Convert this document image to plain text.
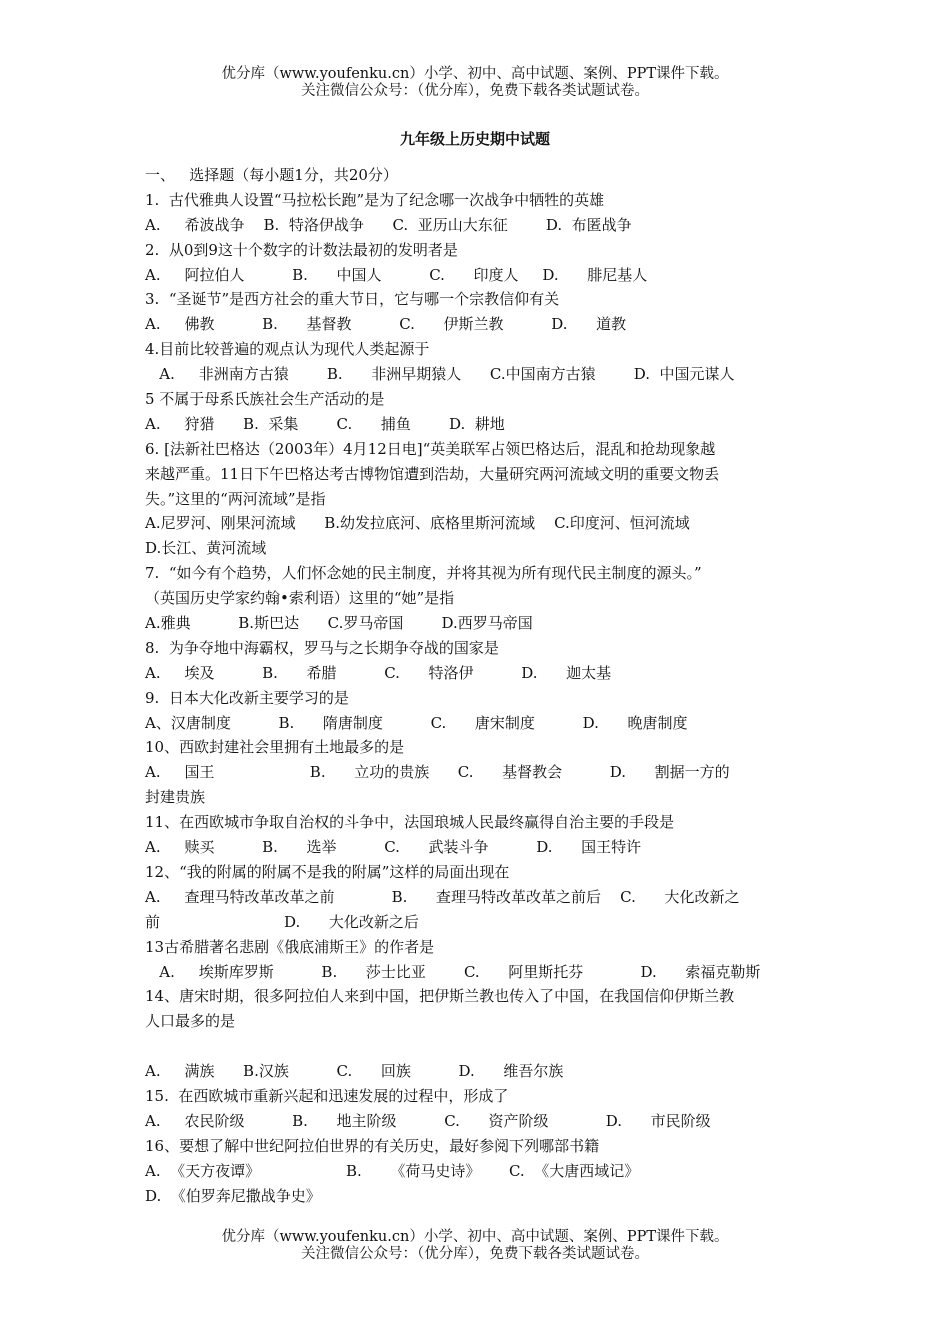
优分库（www.youfenku.cn）小学、初中、高中试题、案例、PPT课件下载。
关注微信公众号：（优分库），免费下载各类试题试卷。
九年级上历史期中试题
一、   选择题（每小题1分，共20分）
1.  古代雅典人设置“马拉松长跑”是为了纪念哪一次战争中牺牲的英雄
A.     希波战争    B.  特洛伊战争      C.  亚历山大东征        D.  布匿战争
2.  从0到9这十个数字的计数法最初的发明者是
A.     阿拉伯人          B.      中国人          C.      印度人     D.      腓尼基人
3.  “圣诞节”是西方社会的重大节日，它与哪一个宗教信仰有关
A.     佛教          B.      基督教          C.      伊斯兰教          D.      道教
4.目前比较普遍的观点认为现代人类起源于
A.     非洲南方古猿        B.      非洲早期猿人      C.中国南方古猿        D.  中国元谋人
5 不属于母系氏族社会生产活动的是
A.     狩猎      B.  采集        C.      捕鱼        D.  耕地
6. [法新社巴格达（2003年）4月12日电]“英美联军占领巴格达后，混乱和抢劫现象越
来越严重。11日下午巴格达考古博物馆遭到浩劫，大量研究两河流域文明的重要文物丢
失。”这里的“两河流域”是指
A.尼罗河、刚果河流域      B.幼发拉底河、底格里斯河流域    C.印度河、恒河流域
D.长江、黄河流域
7.  “如今有个趋势，人们怀念她的民主制度，并将其视为所有现代民主制度的源头。”
（英国历史学家约翰•索利语）这里的“她”是指
A.雅典          B.斯巴达      C.罗马帝国        D.西罗马帝国
8.  为争夺地中海霸权，罗马与之长期争夺战的国家是
A.     埃及          B.      希腊          C.      特洛伊          D.      迦太基
9.  日本大化改新主要学习的是
A、汉唐制度          B.      隋唐制度          C.      唐宋制度          D.      晚唐制度
10、西欧封建社会里拥有土地最多的是
A.     国王                    B.      立功的贵族      C.      基督教会          D.      割据一方的
封建贵族
11、在西欧城市争取自治权的斗争中，法国琅城人民最终赢得自治主要的手段是
A.     赎买          B.      选举          C.      武装斗争          D.      国王特许
12、“我的附属的附属不是我的附属”这样的局面出现在
A.     查理马特改革改革之前            B.      查理马特改革改革之前后    C.      大化改新之
前                          D.      大化改新之后
13古希腊著名悲剧《俄底浦斯王》的作者是
A.     埃斯库罗斯          B.      莎士比亚        C.      阿里斯托芬            D.      索福克勒斯
14、唐宋时期，很多阿拉伯人来到中国，把伊斯兰教也传入了中国，在我国信仰伊斯兰教
人口最多的是
A.     满族      B.汉族          C.      回族          D.      维吾尔族
15.  在西欧城市重新兴起和迅速发展的过程中，形成了
A.     农民阶级          B.      地主阶级          C.      资产阶级            D.      市民阶级
16、要想了解中世纪阿拉伯世界的有关历史，最好参阅下列哪部书籍
A.  《天方夜谭》                  B.      《荷马史诗》      C.  《大唐西域记》
D.  《伯罗奔尼撒战争史》
优分库（www.youfenku.cn）小学、初中、高中试题、案例、PPT课件下载。
关注微信公众号：（优分库），免费下载各类试题试卷。
